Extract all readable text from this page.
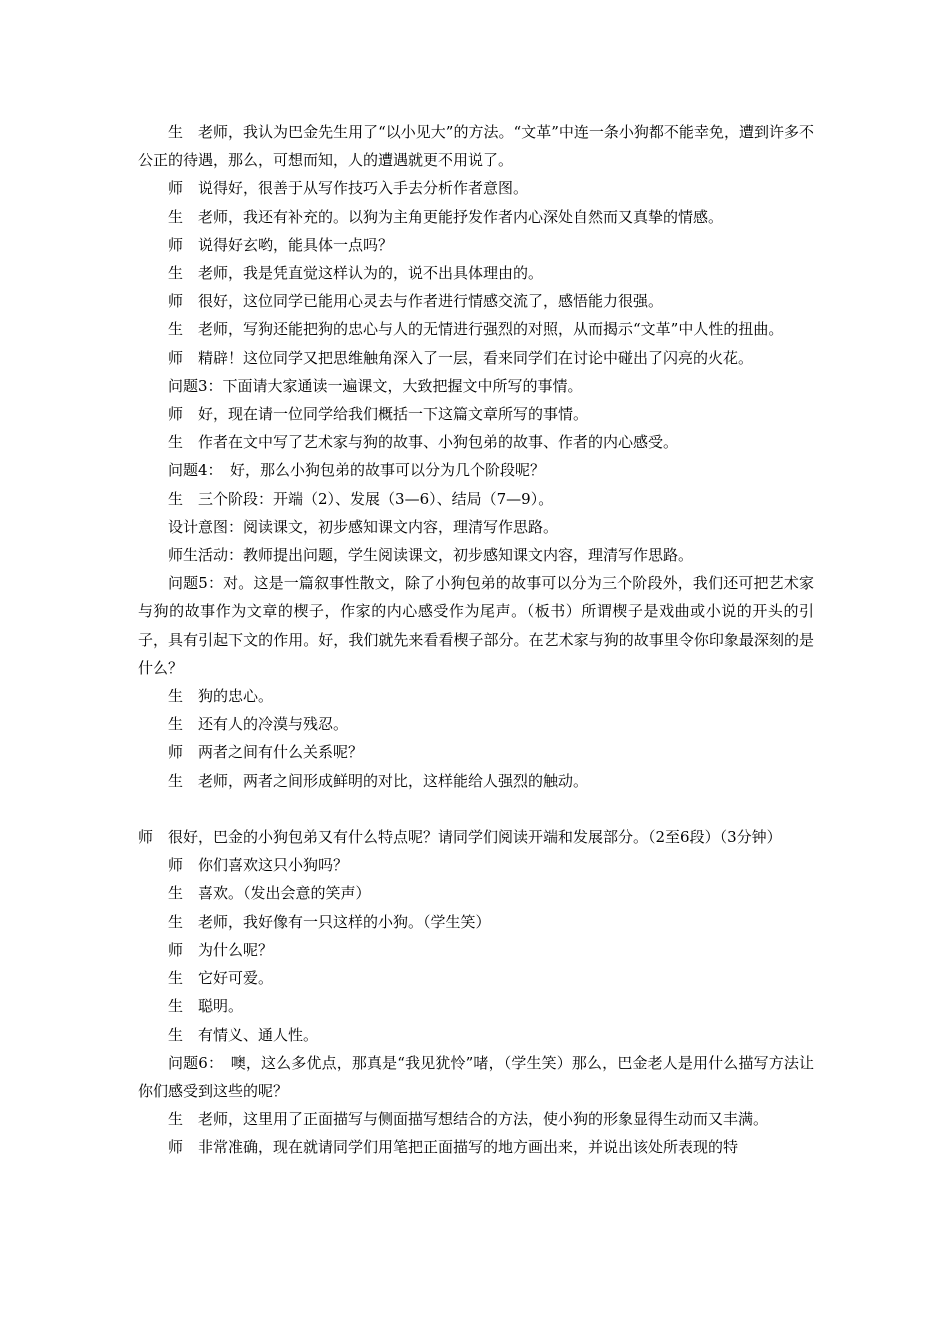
生　老师，我认为巴金先生用了“以小见大”的方法。“文革”中连一条小狗都不能幸免，遭到许多不公正的待遇，那么，可想而知，人的遭遇就更不用说了。

师　说得好，很善于从写作技巧入手去分析作者意图。

生　老师，我还有补充的。以狗为主角更能抒发作者内心深处自然而又真挚的情感。

师　说得好玄哟，能具体一点吗？

生　老师，我是凭直觉这样认为的，说不出具体理由的。

师　很好，这位同学已能用心灵去与作者进行情感交流了，感悟能力很强。

生　老师，写狗还能把狗的忠心与人的无情进行强烈的对照，从而揭示“文革”中人性的扭曲。

师　精辟！这位同学又把思维触角深入了一层，看来同学们在讨论中碰出了闪亮的火花。

问题3：下面请大家通读一遍课文，大致把握文中所写的事情。

师　好，现在请一位同学给我们概括一下这篇文章所写的事情。

生　作者在文中写了艺术家与狗的故事、小狗包弟的故事、作者的内心感受。

问题4：　好，那么小狗包弟的故事可以分为几个阶段呢？

生　三个阶段：开端（2）、发展（3—6）、结局（7—9）。

设计意图：阅读课文，初步感知课文内容，理清写作思路。

师生活动：教师提出问题，学生阅读课文，初步感知课文内容，理清写作思路。

问题5：对。这是一篇叙事性散文，除了小狗包弟的故事可以分为三个阶段外，我们还可把艺术家与狗的故事作为文章的楔子，作家的内心感受作为尾声。（板书）所谓楔子是戏曲或小说的开头的引子，具有引起下文的作用。好，我们就先来看看楔子部分。在艺术家与狗的故事里令你印象最深刻的是什么？

生　狗的忠心。

生　还有人的冷漠与残忍。

师　两者之间有什么关系呢？

生　老师，两者之间形成鲜明的对比，这样能给人强烈的触动。

师　很好，巴金的小狗包弟又有什么特点呢？请同学们阅读开端和发展部分。（2至6段）（3分钟）

师　你们喜欢这只小狗吗？

生　喜欢。（发出会意的笑声）

生　老师，我好像有一只这样的小狗。（学生笑）

师　为什么呢？

生　它好可爱。

生　聪明。

生　有情义、通人性。

问题6：　噢，这么多优点，那真是“我见犹怜”啫，（学生笑）那么，巴金老人是用什么描写方法让你们感受到这些的呢？

生　老师，这里用了正面描写与侧面描写想结合的方法，使小狗的形象显得生动而又丰满。

师　非常准确，现在就请同学们用笔把正面描写的地方画出来，并说出该处所表现的特
